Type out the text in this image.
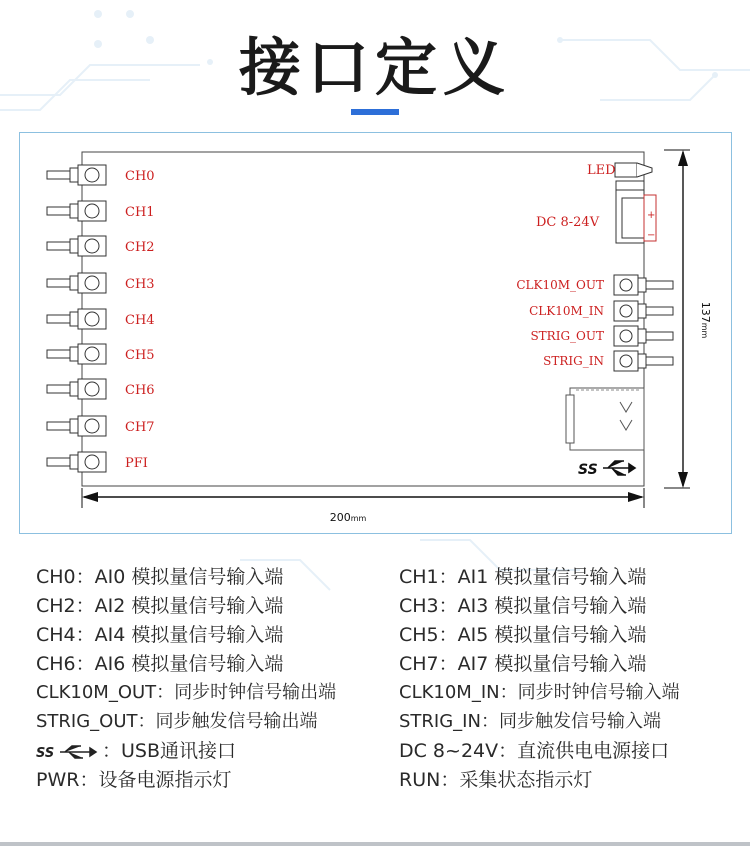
接口定义
CH0
CH1
CH2
CH3
CH4
CH5
CH6
CH7
PFI
LED
+
−
DC 8-24V
CLK10M_OUT
CLK10M_IN
STRIG_OUT
STRIG_IN
SS
137mm
200mm
CH0：AI0 模拟量信号输入端	CH1：AI1 模拟量信号输入端
CH2：AI2 模拟量信号输入端	CH3：AI3 模拟量信号输入端
CH4：AI4 模拟量信号输入端	CH5：AI5 模拟量信号输入端
CH6：AI6 模拟量信号输入端	CH7：AI7 模拟量信号输入端
CLK10M_OUT：同步时钟信号输出端	CLK10M_IN：同步时钟信号输入端
STRIG_OUT：同步触发信号输出端	STRIG_IN：同步触发信号输入端
SS	：USB通讯接口	DC 8~24V：直流供电电源接口
PWR：设备电源指示灯	RUN：采集状态指示灯
